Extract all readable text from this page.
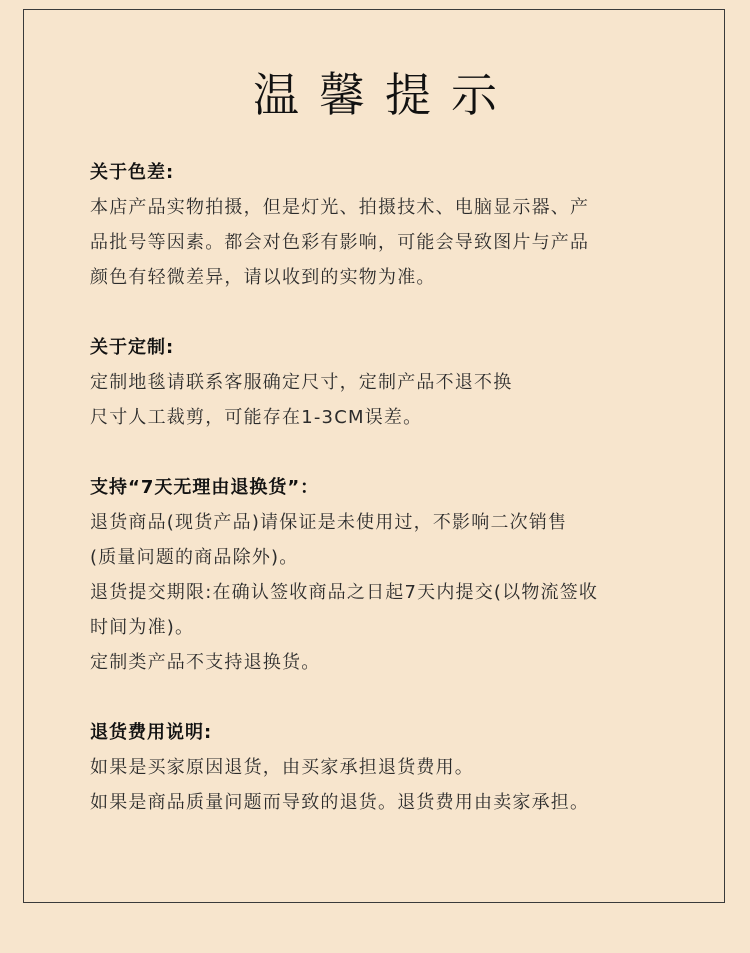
温馨提示
关于色差:
本店产品实物拍摄，但是灯光、拍摄技术、电脑显示器、产
品批号等因素。都会对色彩有影响，可能会导致图片与产品
颜色有轻微差异，请以收到的实物为准。
关于定制:
定制地毯请联系客服确定尺寸，定制产品不退不换
尺寸人工裁剪，可能存在1-3CM误差。
支持“7天无理由退换货”：
退货商品(现货产品)请保证是未使用过，不影响二次销售
(质量问题的商品除外)。
退货提交期限:在确认签收商品之日起7天内提交(以物流签收
时间为准)。
定制类产品不支持退换货。
退货费用说明:
如果是买家原因退货，由买家承担退货费用。
如果是商品质量问题而导致的退货。退货费用由卖家承担。
